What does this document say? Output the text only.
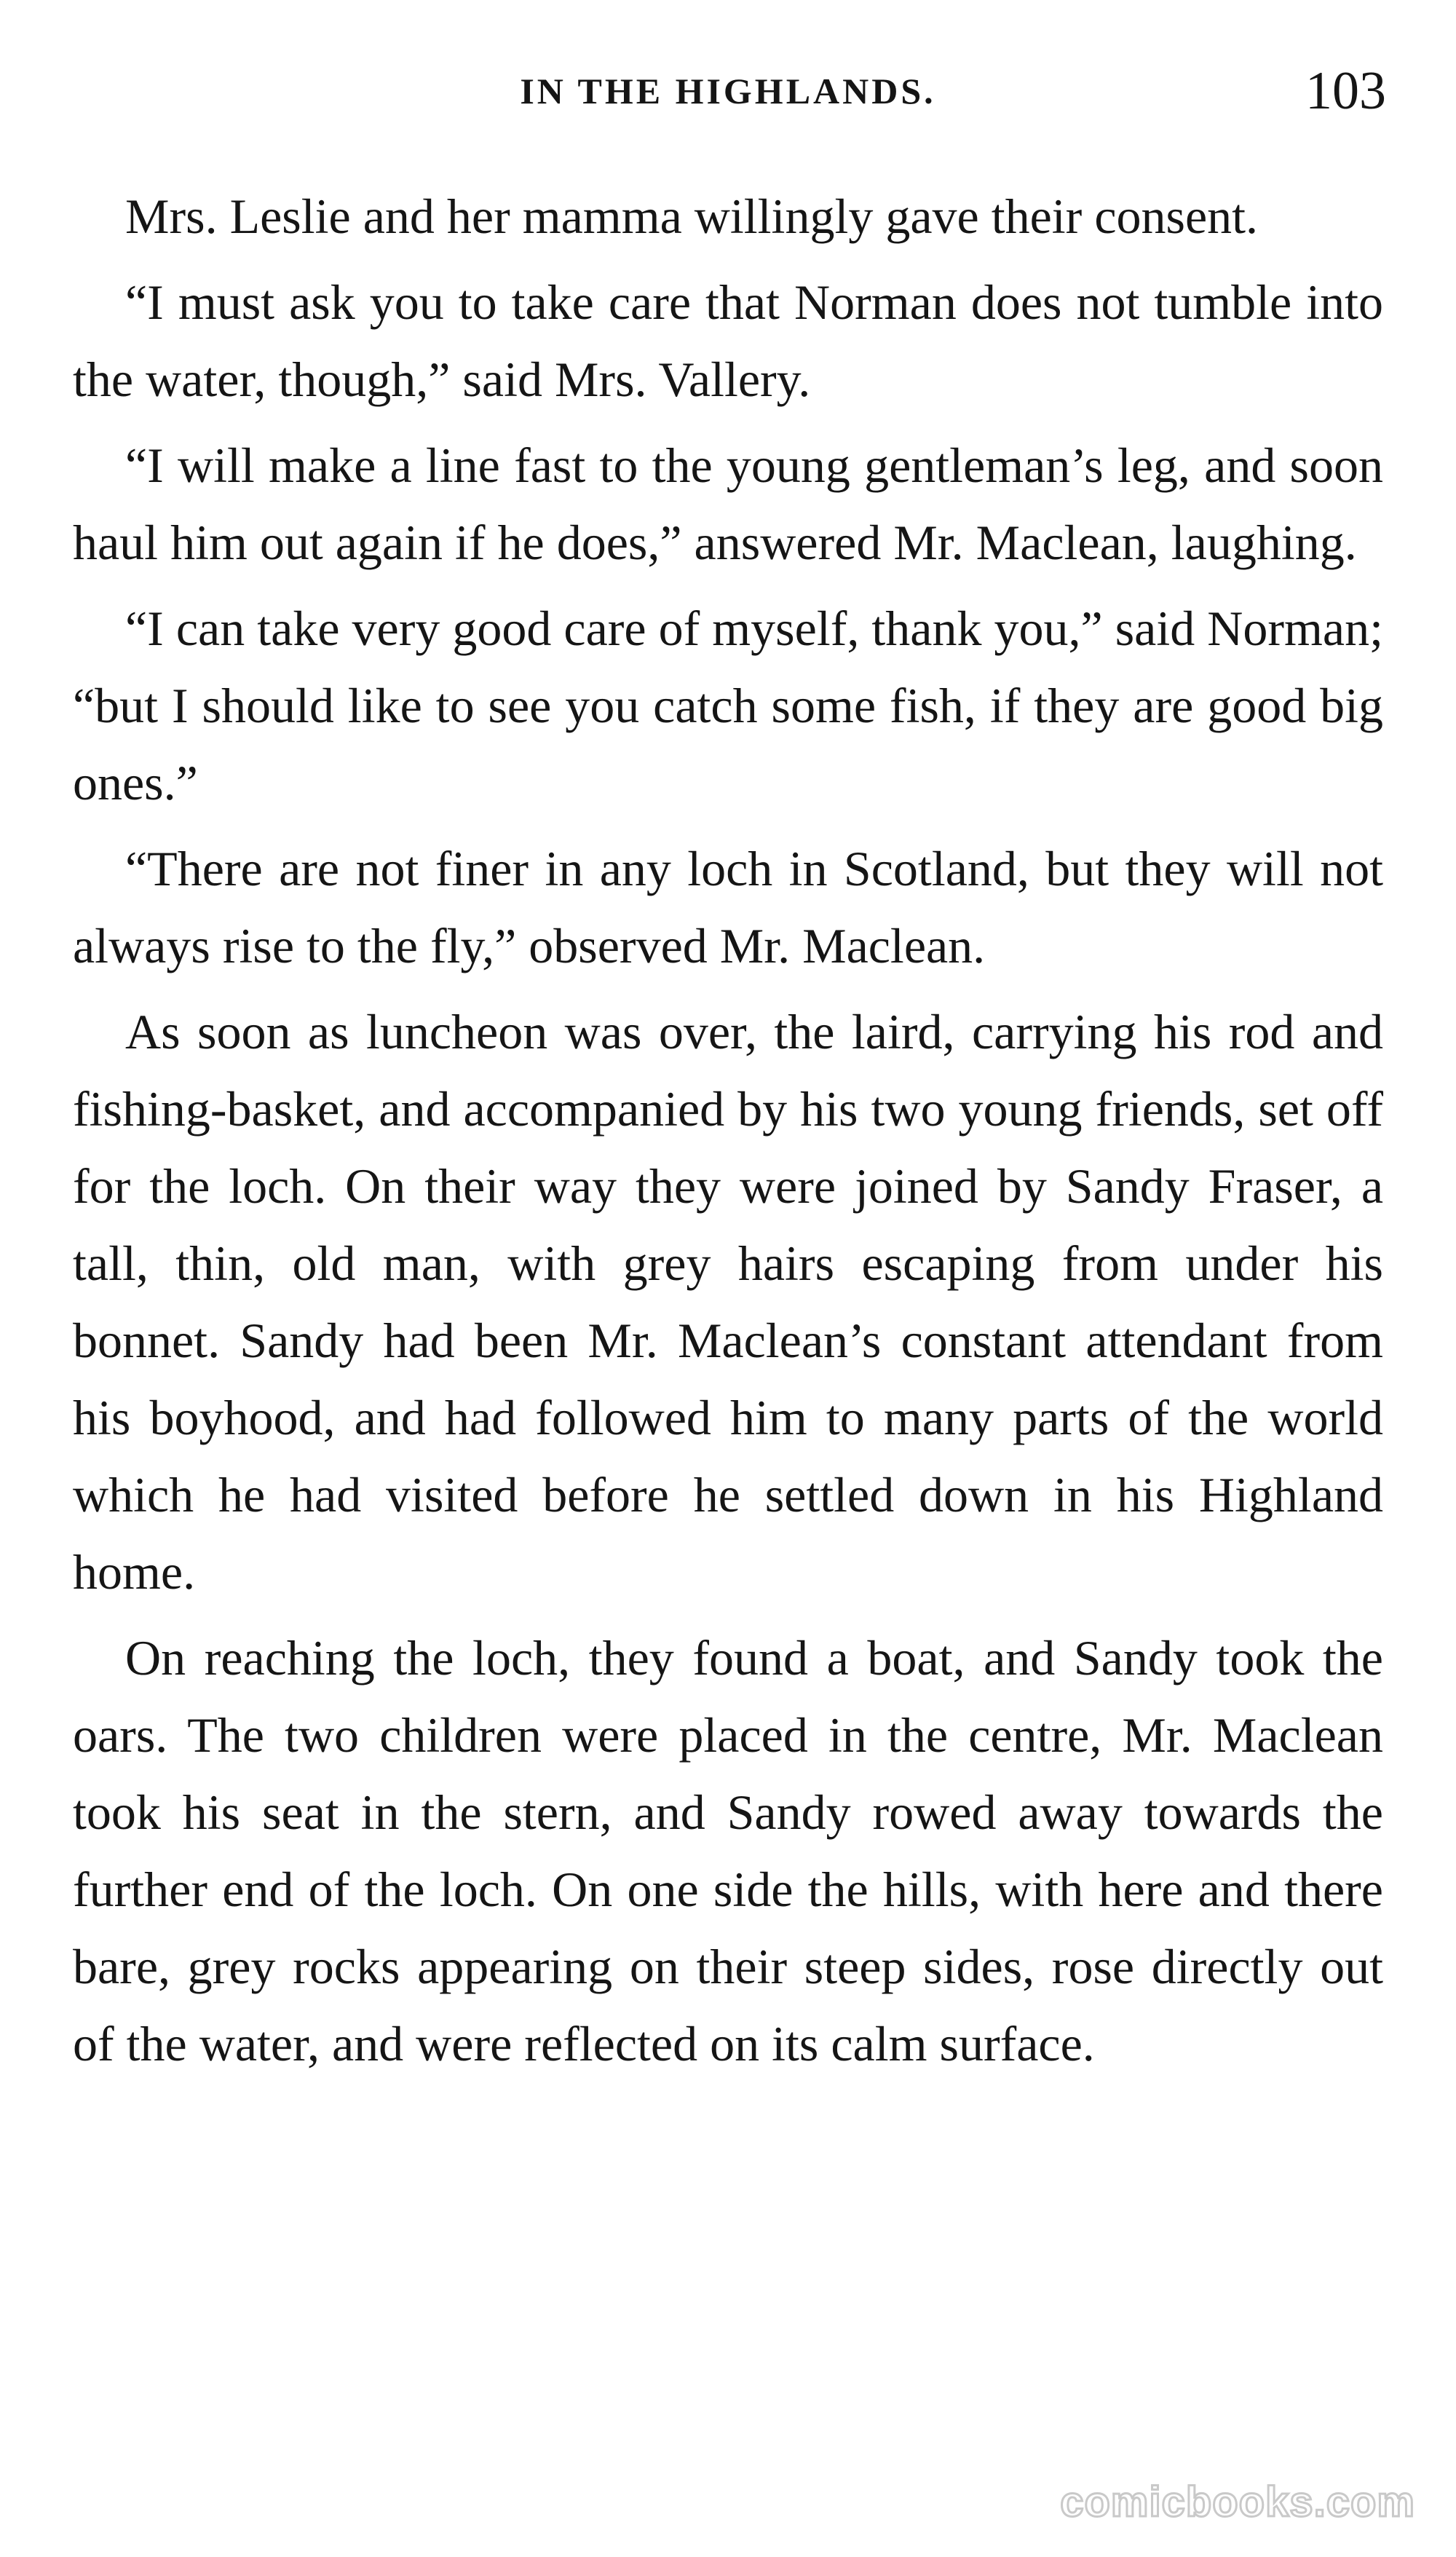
IN THE HIGHLANDS.	103

Mrs. Leslie and her mamma willingly gave their consent.

“I must ask you to take care that Norman does not tumble into the water, though,” said Mrs. Vallery.

“I will make a line fast to the young gentleman’s leg, and soon haul him out again if he does,” answered Mr. Maclean, laughing.

“I can take very good care of myself, thank you,” said Norman; “but I should like to see you catch some fish, if they are good big ones.”

“There are not finer in any loch in Scotland, but they will not always rise to the fly,” observed Mr. Maclean.

As soon as luncheon was over, the laird, carrying his rod and fishing-basket, and accompanied by his two young friends, set off for the loch. On their way they were joined by Sandy Fraser, a tall, thin, old man, with grey hairs escaping from under his bonnet. Sandy had been Mr. Maclean’s constant attendant from his boyhood, and had followed him to many parts of the world which he had visited before he settled down in his Highland home.

On reaching the loch, they found a boat, and Sandy took the oars. The two children were placed in the centre, Mr. Maclean took his seat in the stern, and Sandy rowed away towards the further end of the loch. On one side the hills, with here and there bare, grey rocks appearing on their steep sides, rose directly out of the water, and were reflected on its calm surface.

comicbooks.com
